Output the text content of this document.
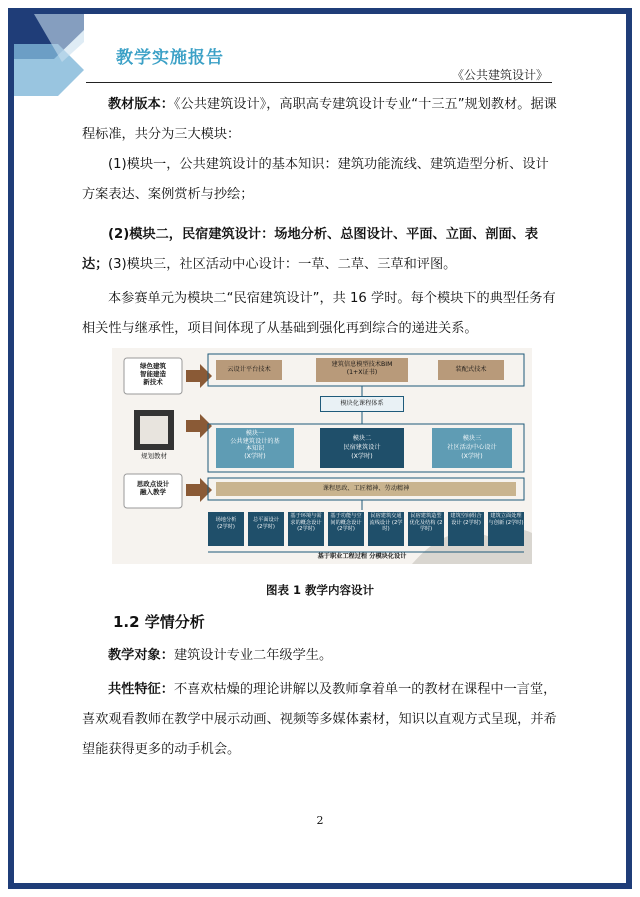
教学实施报告
《公共建筑设计》
教材版本：《公共建筑设计》，高职高专建筑设计专业“十三五”规划教材。据课程标准，共分为三大模块：
(1)模块一，公共建筑设计的基本知识：建筑功能流线、建筑造型分析、设计方案表达、案例赏析与抄绘；
(2)模块二，民宿建筑设计：场地分析、总图设计、平面、立面、剖面、表达； (3)模块三，社区活动中心设计：一草、二草、三草和评图。
本参赛单元为模块二“民宿建筑设计”，共 16 学时。每个模块下的典型任务有相关性与继承性，项目间体现了从基础到强化再到综合的递进关系。
绿色建筑
智能建造
新技术
规划教材
思政点设计
融入教学
云设计平台技术
建筑信息模型技术BIM
(1+X证书)	装配式技术
模块化课程体系
模块一
公共建筑设计的基
本知识
(X学时)
模块二
民宿建筑设计
(X学时)
模块三
社区活动中心设计
(X学时)
课程思政、工匠精神、劳动精神
场地分析
(2学时)
总平面设计
(2学时)
基于环境与需求的概念设计 (2学时)
基于功能与空间的概念设计 (2学时)
民宿建筑交通流线设计 (2学时)
民宿建筑造型优化及结构 (2学时)
建筑空间组合设计 (2学时)
建筑立面处理与创新 (2学时)
基于职业工程过程 分模块化设计
图表 1 教学内容设计
1.2 学情分析
教学对象：建筑设计专业二年级学生。
共性特征：不喜欢枯燥的理论讲解以及教师拿着单一的教材在课程中一言堂，喜欢观看教师在教学中展示动画、视频等多媒体素材，知识以直观方式呈现，并希望能获得更多的动手机会。
2
